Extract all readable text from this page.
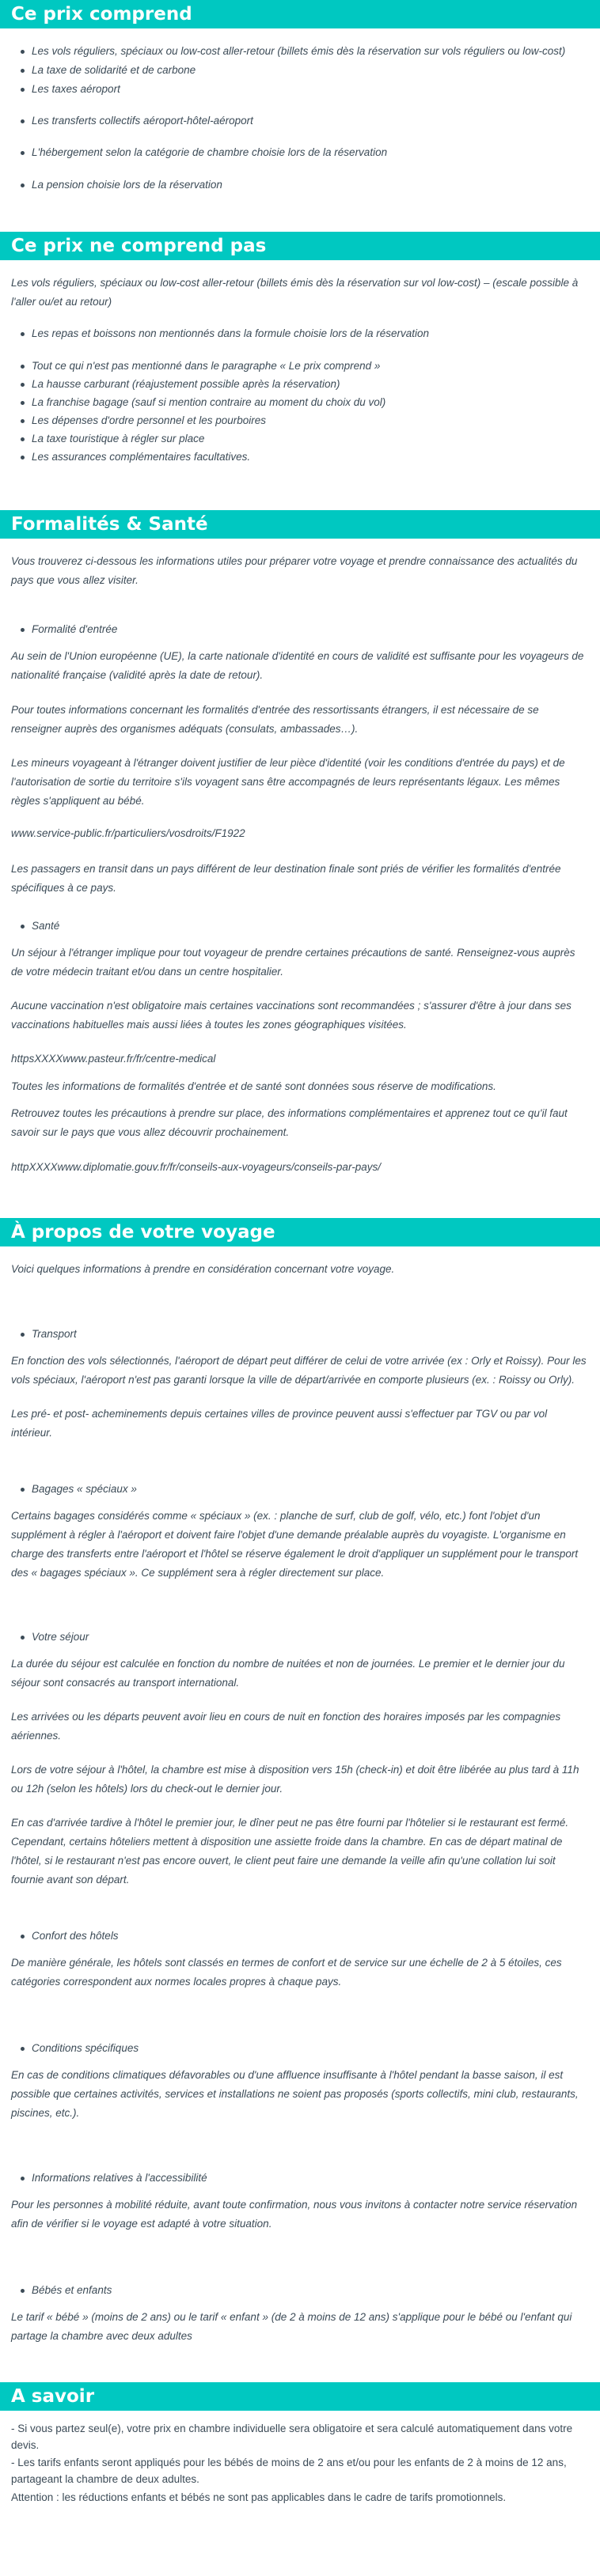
Ce prix comprend

Les vols réguliers, spéciaux ou low-cost aller-retour (billets émis dès la réservation sur vols réguliers ou low-cost)

La taxe de solidarité et de carbone

Les taxes aéroport

Les transferts collectifs aéroport-hôtel-aéroport

L'hébergement selon la catégorie de chambre choisie lors de la réservation

La pension choisie lors de la réservation

Ce prix ne comprend pas

Les vols réguliers, spéciaux ou low-cost aller-retour (billets émis dès la réservation sur vol low-cost) – (escale possible à l'aller ou/et au retour)

Les repas et boissons non mentionnés dans la formule choisie lors de la réservation

Tout ce qui n'est pas mentionné dans le paragraphe « Le prix comprend »

La hausse carburant (réajustement possible après la réservation)

La franchise bagage (sauf si mention contraire au moment du choix du vol)

Les dépenses d'ordre personnel et les pourboires

La taxe touristique à régler sur place

Les assurances complémentaires facultatives.

Formalités & Santé

Vous trouverez ci-dessous les informations utiles pour préparer votre voyage et prendre connaissance des actualités du pays que vous allez visiter.

Formalité d'entrée

Au sein de l'Union européenne (UE), la carte nationale d'identité en cours de validité est suffisante pour les voyageurs de nationalité française (validité après la date de retour).

Pour toutes informations concernant les formalités d'entrée des ressortissants étrangers, il est nécessaire de se renseigner auprès des organismes adéquats (consulats, ambassades…).

Les mineurs voyageant à l'étranger doivent justifier de leur pièce d'identité (voir les conditions d'entrée du pays) et de l'autorisation de sortie du territoire s'ils voyagent sans être accompagnés de leurs représentants légaux. Les mêmes règles s'appliquent au bébé.

www.service-public.fr/particuliers/vosdroits/F1922

Les passagers en transit dans un pays différent de leur destination finale sont priés de vérifier les formalités d'entrée spécifiques à ce pays.

Santé

Un séjour à l'étranger implique pour tout voyageur de prendre certaines précautions de santé. Renseignez-vous auprès de votre médecin traitant et/ou dans un centre hospitalier.

Aucune vaccination n'est obligatoire mais certaines vaccinations sont recommandées ; s'assurer d'être à jour dans ses vaccinations habituelles mais aussi liées à toutes les zones géographiques visitées.

httpsXXXXwww.pasteur.fr/fr/centre-medical

Toutes les informations de formalités d'entrée et de santé sont données sous réserve de modifications.

Retrouvez toutes les précautions à prendre sur place, des informations complémentaires et apprenez tout ce qu'il faut savoir sur le pays que vous allez découvrir prochainement.

httpXXXXwww.diplomatie.gouv.fr/fr/conseils-aux-voyageurs/conseils-par-pays/

À propos de votre voyage

Voici quelques informations à prendre en considération concernant votre voyage.

Transport

En fonction des vols sélectionnés, l'aéroport de départ peut différer de celui de votre arrivée (ex : Orly et Roissy). Pour les vols spéciaux, l'aéroport n'est pas garanti lorsque la ville de départ/arrivée en comporte plusieurs (ex. : Roissy ou Orly).

Les pré- et post- acheminements depuis certaines villes de province peuvent aussi s'effectuer par TGV ou par vol intérieur.

Bagages « spéciaux »

Certains bagages considérés comme « spéciaux » (ex. : planche de surf, club de golf, vélo, etc.) font l'objet d'un supplément à régler à l'aéroport et doivent faire l'objet d'une demande préalable auprès du voyagiste. L'organisme en charge des transferts entre l'aéroport et l'hôtel se réserve également le droit d'appliquer un supplément pour le transport des « bagages spéciaux ». Ce supplément sera à régler directement sur place.

Votre séjour

La durée du séjour est calculée en fonction du nombre de nuitées et non de journées. Le premier et le dernier jour du séjour sont consacrés au transport international.

Les arrivées ou les départs peuvent avoir lieu en cours de nuit en fonction des horaires imposés par les compagnies aériennes.

Lors de votre séjour à l'hôtel, la chambre est mise à disposition vers 15h (check-in) et doit être libérée au plus tard à 11h ou 12h (selon les hôtels) lors du check-out le dernier jour.

En cas d'arrivée tardive à l'hôtel le premier jour, le dîner peut ne pas être fourni par l'hôtelier si le restaurant est fermé. Cependant, certains hôteliers mettent à disposition une assiette froide dans la chambre. En cas de départ matinal de l'hôtel, si le restaurant n'est pas encore ouvert, le client peut faire une demande la veille afin qu'une collation lui soit fournie avant son départ.

Confort des hôtels

De manière générale, les hôtels sont classés en termes de confort et de service sur une échelle de 2 à 5 étoiles, ces catégories correspondent aux normes locales propres à chaque pays.

Conditions spécifiques

En cas de conditions climatiques défavorables ou d'une affluence insuffisante à l'hôtel pendant la basse saison, il est possible que certaines activités, services et installations ne soient pas proposés (sports collectifs, mini club, restaurants, piscines, etc.).

Informations relatives à l'accessibilité

Pour les personnes à mobilité réduite, avant toute confirmation, nous vous invitons à contacter notre service réservation afin de vérifier si le voyage est adapté à votre situation.

Bébés et enfants

Le tarif « bébé » (moins de 2 ans) ou le tarif « enfant » (de 2 à moins de 12 ans) s'applique pour le bébé ou l'enfant qui partage la chambre avec deux adultes

A savoir

- Si vous partez seul(e), votre prix en chambre individuelle sera obligatoire et sera calculé automatiquement dans votre devis.

- Les tarifs enfants seront appliqués pour les bébés de moins de 2 ans et/ou pour les enfants de 2 à moins de 12 ans, partageant la chambre de deux adultes.

Attention : les réductions enfants et bébés ne sont pas applicables dans le cadre de tarifs promotionnels.
